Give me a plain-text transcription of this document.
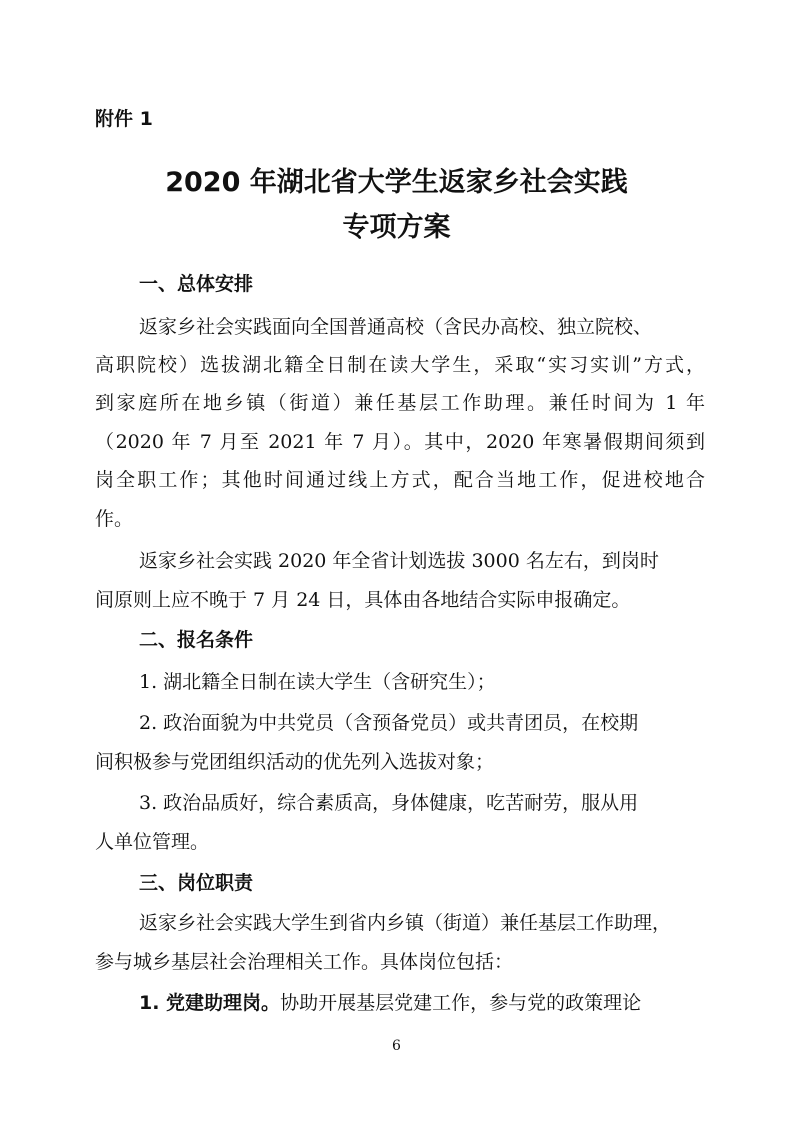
附件 1
2020 年湖北省大学生返家乡社会实践
专项方案
一、总体安排
返家乡社会实践面向全国普通高校（含民办高校、独立院校、
高职院校）选拔湖北籍全日制在读大学生，采取“实习实训”方式，
到家庭所在地乡镇（街道）兼任基层工作助理。兼任时间为 1 年
（2020 年 7 月至 2021 年 7 月）。其中，2020 年寒暑假期间须到
岗全职工作；其他时间通过线上方式，配合当地工作，促进校地合
作。
返家乡社会实践 2020 年全省计划选拔 3000 名左右，到岗时
间原则上应不晚于 7 月 24 日，具体由各地结合实际申报确定。
二、报名条件
1. 湖北籍全日制在读大学生（含研究生）；
2. 政治面貌为中共党员（含预备党员）或共青团员，在校期
间积极参与党团组织活动的优先列入选拔对象；
3. 政治品质好，综合素质高，身体健康，吃苦耐劳，服从用
人单位管理。
三、岗位职责
返家乡社会实践大学生到省内乡镇（街道）兼任基层工作助理，
参与城乡基层社会治理相关工作。具体岗位包括：
1. 党建助理岗。协助开展基层党建工作，参与党的政策理论
6
